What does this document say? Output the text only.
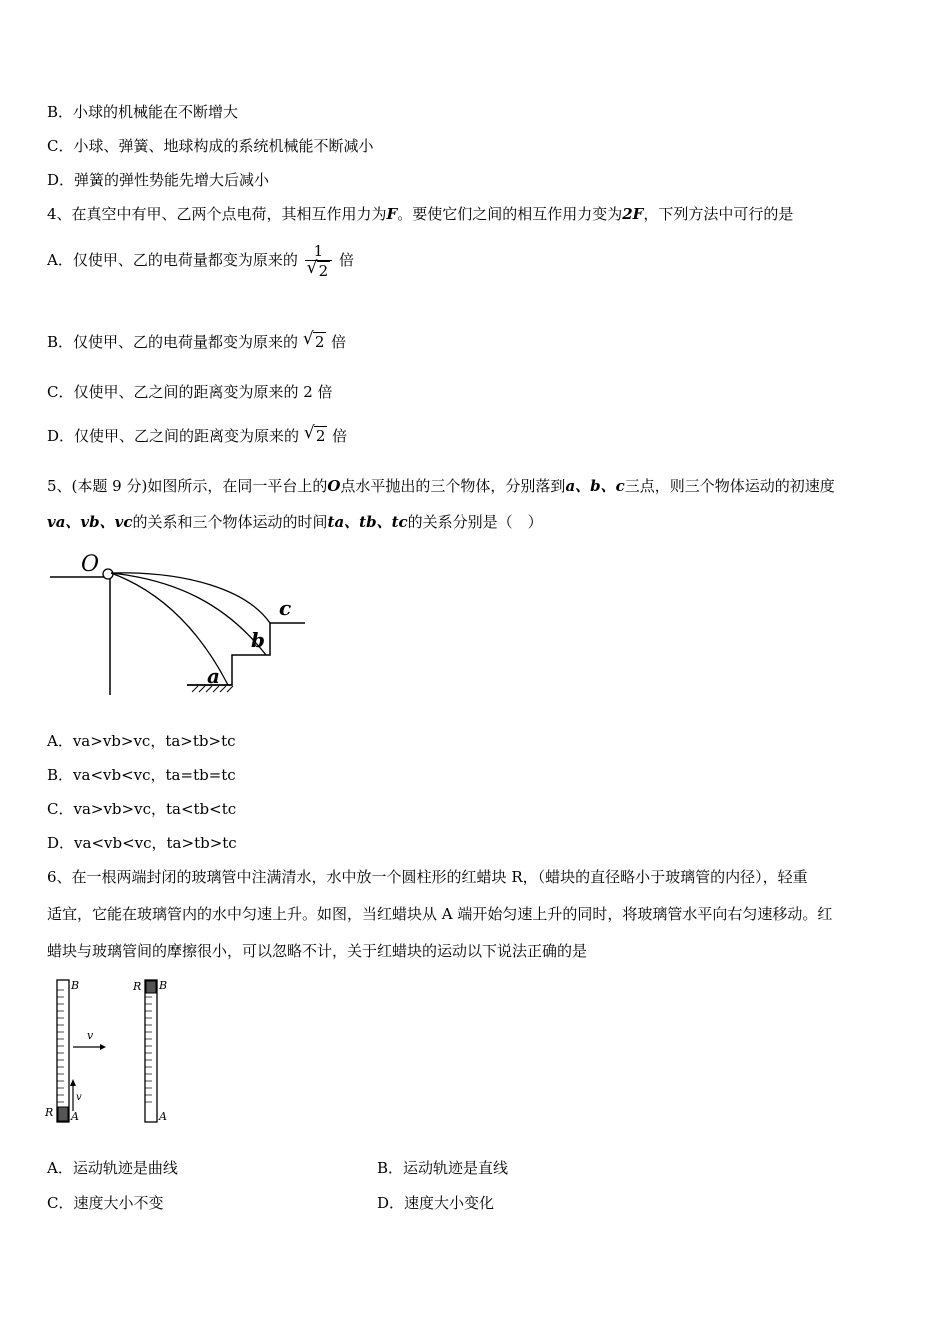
B．小球的机械能在不断增大
C．小球、弹簧、地球构成的系统机械能不断减小
D．弹簧的弹性势能先增大后减小
4、在真空中有甲、乙两个点电荷，其相互作用力为F。要使它们之间的相互作用力变为2F，下列方法中可行的是
A．仅使甲、乙的电荷量都变为原来的 $\frac{1}{√ 2}$ 倍
B．仅使甲、乙的电荷量都变为原来的 √ 2 倍
C．仅使甲、乙之间的距离变为原来的 2 倍
D．仅使甲、乙之间的距离变为原来的 √ 2 倍
5、(本题 9 分)如图所示，在同一平台上的O点水平抛出的三个物体，分别落到a、b、c三点，则三个物体运动的初速度
va、vb、vc的关系和三个物体运动的时间ta、tb、tc的关系分别是（　）
O
a
b
c
A．va>vb>vc，ta>tb>tc
B．va<vb<vc，ta=tb=tc
C．va>vb>vc，ta<tb<tc
D．va<vb<vc，ta>tb>tc
6、在一根两端封闭的玻璃管中注满清水，水中放一个圆柱形的红蜡块 R，（蜡块的直径略小于玻璃管的内径），轻重
适宜，它能在玻璃管内的水中匀速上升。如图，当红蜡块从 A 端开始匀速上升的同时，将玻璃管水平向右匀速移动。红
蜡块与玻璃管间的摩擦很小，可以忽略不计，关于红蜡块的运动以下说法正确的是
B
R A
v
v
R B
A
A．运动轨迹是曲线	B．运动轨迹是直线
C．速度大小不变	D．速度大小变化
